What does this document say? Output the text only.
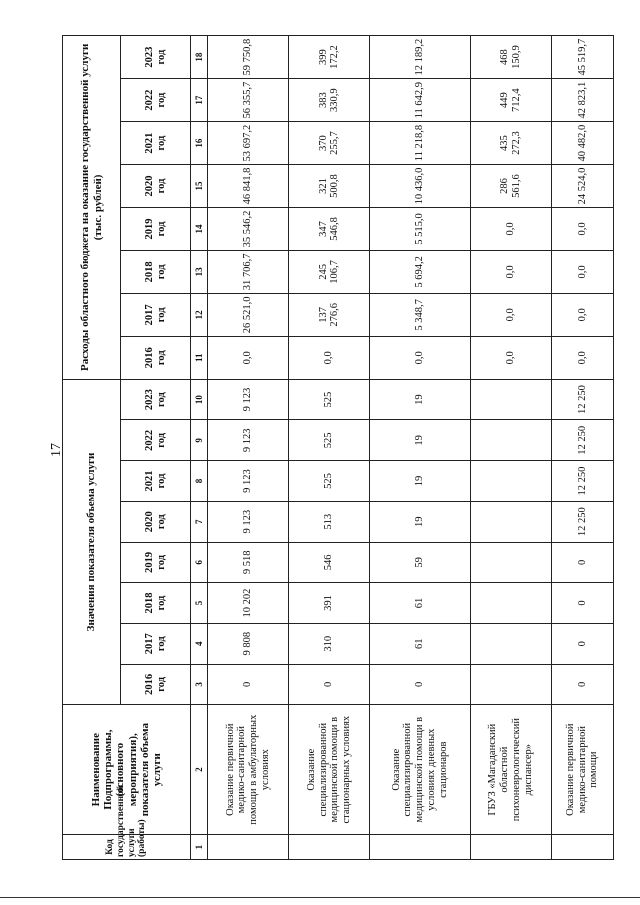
17
Код государственной услуги (работы)	Наименование Подпрограммы, (основного мероприятия), показателя объема услуги	Значения показателя объема услуги								Расходы областного бюджета на оказание государственной услуги (тыс. рублей)							
		2016 год	2017 год	2018 год	2019 год	2020 год	2021 год	2022 год	2023 год	2016 год	2017 год	2018 год	2019 год	2020 год	2021 год	2022 год	2023 год
1	2	3	4	5	6	7	8	9	10	11	12	13	14	15	16	17	18
	Оказание первичной медико-санитарной помощи в амбулаторных условиях	0	9 808	10 202	9 518	9 123	9 123	9 123	9 123	0,0	26 521,0	31 706,7	35 546,2	46 841,8	53 697,2	56 355,7	59 750,8
	Оказание специализированной медицинской помощи в стационарных условиях	0	310	391	546	513	525	525	525	0,0	137 276,6	245 106,7	347 546,8	321 500,8	370 255,7	383 330,9	399 172,2
	Оказание специализированной медицинской помощи в условиях дневных стационаров	0	61	61	59	19	19	19	19	0,0	5 348,7	5 694,2	5 515,0	10 436,0	11 218,8	11 642,9	12 189,2
	ГБУЗ «Магаданский областной психоневрологический диспансер»									0,0	0,0	0,0	0,0	286 561,6	435 272,3	449 712,4	468 150,9
	Оказание первичной медико-санитарной помощи	0	0	0	0	12 250	12 250	12 250	12 250	0,0	0,0	0,0	0,0	24 524,0	40 482,0	42 823,1	45 519,7
